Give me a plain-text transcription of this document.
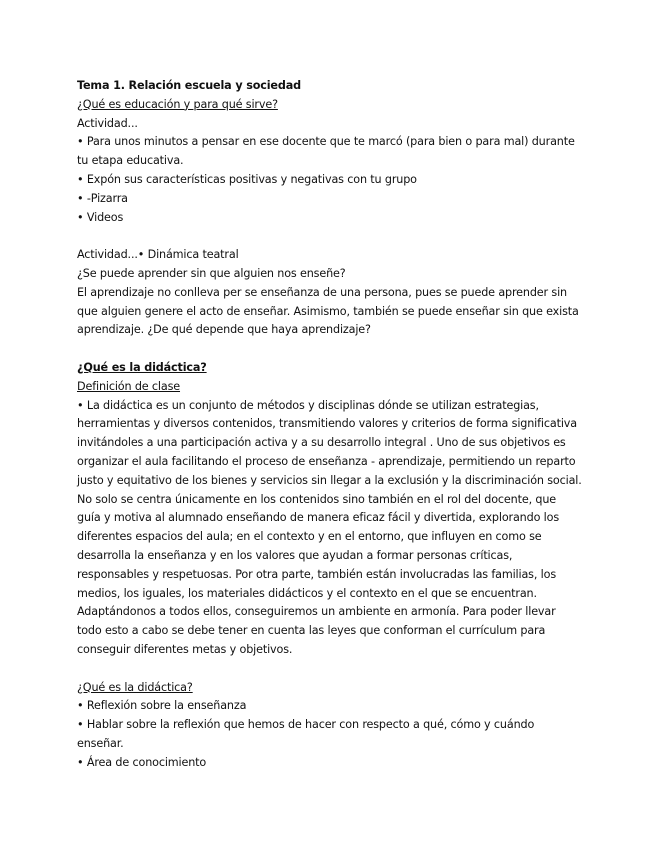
Tema 1. Relación escuela y sociedad
¿Qué es educación y para qué sirve?
Actividad...
• Para unos minutos a pensar en ese docente que te marcó (para bien o para mal) durante tu etapa educativa.
• Expón sus características positivas y negativas con tu grupo
• -Pizarra
• Videos
Actividad...• Dinámica teatral
¿Se puede aprender sin que alguien nos enseñe?
El aprendizaje no conlleva per se enseñanza de una persona, pues se puede aprender sin que alguien genere el acto de enseñar. Asimismo, también se puede enseñar sin que exista aprendizaje. ¿De qué depende que haya aprendizaje?
¿Qué es la didáctica?
Definición de clase
• La didáctica es un conjunto de métodos y disciplinas dónde se utilizan estrategias, herramientas y diversos contenidos, transmitiendo valores y criterios de forma significativa invitándoles a una participación activa y a su desarrollo integral . Uno de sus objetivos es organizar el aula facilitando el proceso de enseñanza - aprendizaje, permitiendo un reparto justo y equitativo de los bienes y servicios sin llegar a la exclusión y la discriminación social. No solo se centra únicamente en los contenidos sino también en el rol del docente, que guía y motiva al alumnado enseñando de manera eficaz fácil y divertida, explorando los diferentes espacios del aula; en el contexto y en el entorno, que influyen en como se desarrolla la enseñanza y en los valores que ayudan a formar personas críticas, responsables y respetuosas. Por otra parte, también están involucradas las familias, los medios, los iguales, los materiales didácticos y el contexto en el que se encuentran. Adaptándonos a todos ellos, conseguiremos un ambiente en armonía. Para poder llevar todo esto a cabo se debe tener en cuenta las leyes que conforman el currículum para conseguir diferentes metas y objetivos.
¿Qué es la didáctica?
• Reflexión sobre la enseñanza
• Hablar sobre la reflexión que hemos de hacer con respecto a qué, cómo y cuándo enseñar.
• Área de conocimiento
